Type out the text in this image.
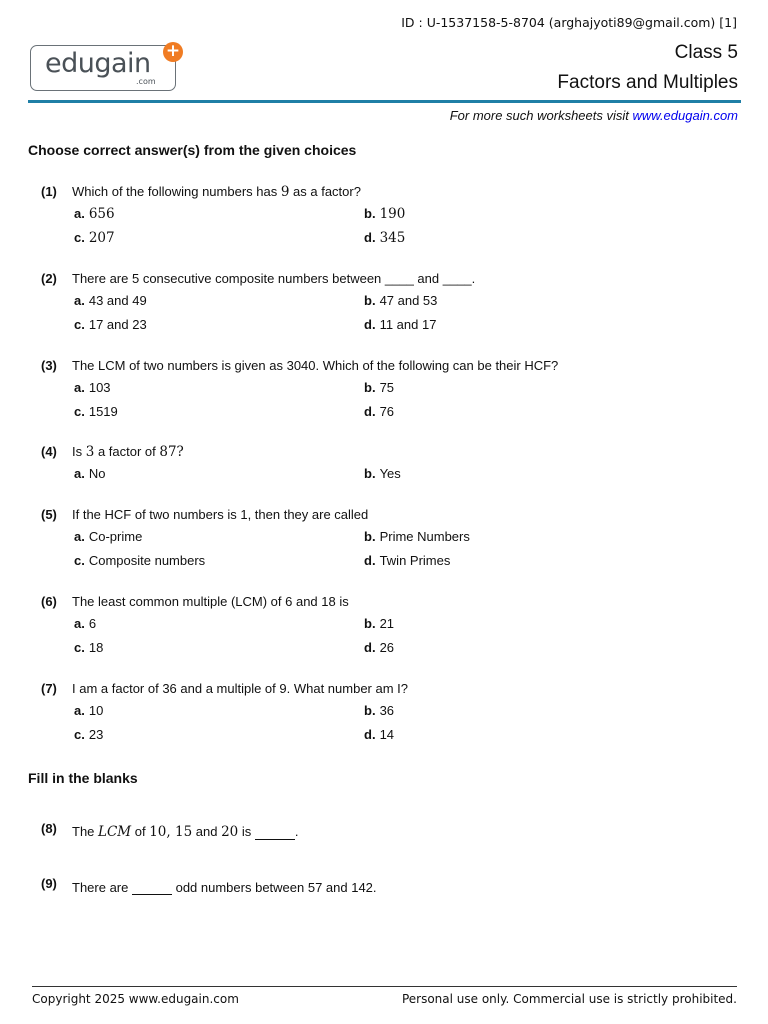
edugain
.com
+
ID : U-1537158-5-8704 (arghajyoti89@gmail.com) [1]
Class 5
Factors and Multiples
For more such worksheets visit www.edugain.com
Choose correct answer(s) from the given choices
(1) Which of the following numbers has 9 as a factor?
a. 656	b. 190
c. 207	d. 345
(2) There are 5 consecutive composite numbers between ____ and ____.
a. 43 and 49	b. 47 and 53
c. 17 and 23	d. 11 and 17
(3) The LCM of two numbers is given as 3040. Which of the following can be their HCF?
a. 103	b. 75
c. 1519	d. 76
(4) Is 3 a factor of 87?
a. No	b. Yes
(5) If the HCF of two numbers is 1, then they are called
a. Co-prime	b. Prime Numbers
c. Composite numbers	d. Twin Primes
(6) The least common multiple (LCM) of 6 and 18 is
a. 6	b. 21
c. 18	d. 26
(7) I am a factor of 36 and a multiple of 9. What number am I?
a. 10	b. 36
c. 23	d. 14
Fill in the blanks
(8) The LCM of 10, 15 and 20 is	.
(9) There are	odd numbers between 57 and 142.
Copyright 2025 www.edugain.com	Personal use only. Commercial use is strictly prohibited.
